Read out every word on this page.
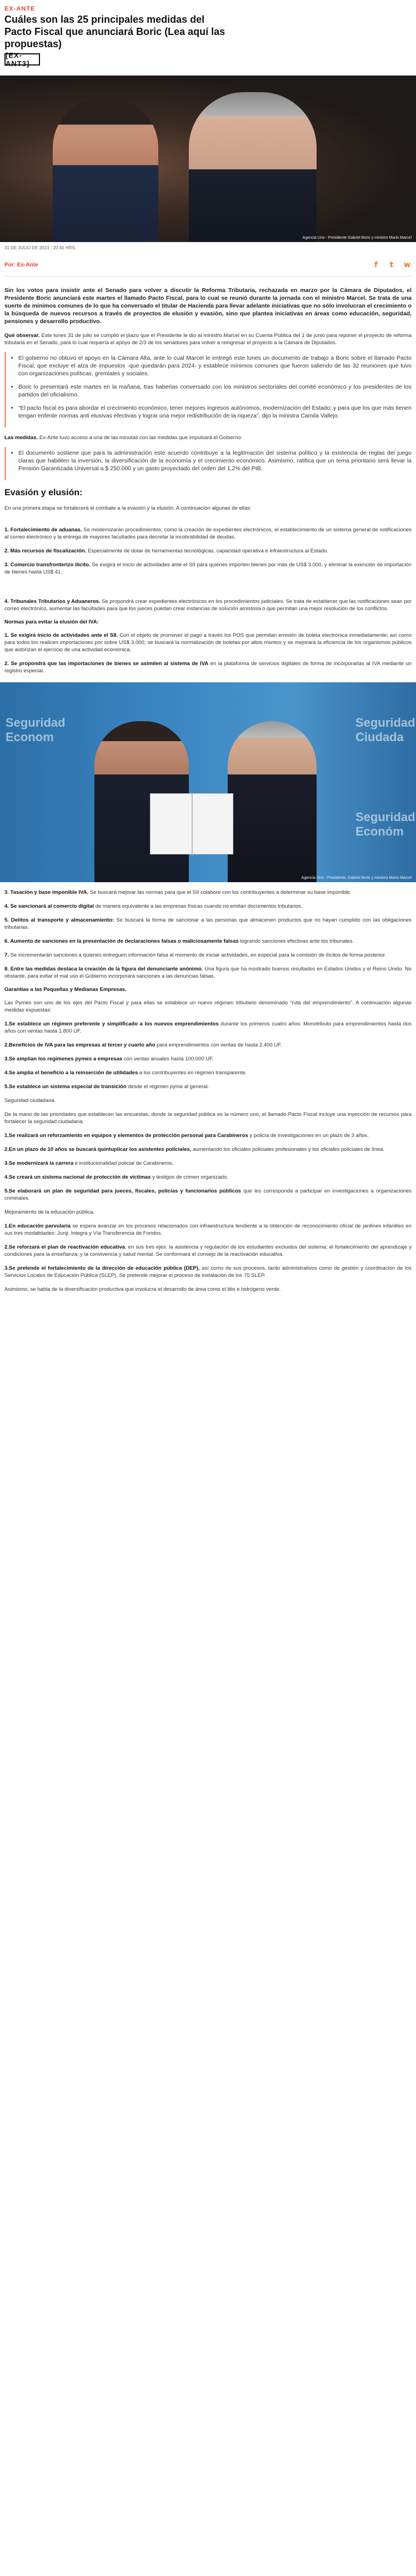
EX-ANTE
Cuáles son las 25 principales medidas del Pacto Fiscal que anunciará Boric (Lea aquí las propuestas)
[EX-ANT3]
Agencia Uno - Presidente Gabriel Boric y ministro Mario Marcel
31 DE JULIO DE 2023 - 20:45 HRS.
Por: Ex-Ante	f	t	w

Sin los votos para insistir ante el Senado para volver a discutir la Reforma Tributaria, rechazada en marzo por la Cámara de Diputados, el Presidente Boric anunciará este martes el llamado Pacto Fiscal, para lo cual se reunió durante la jornada con el ministro Marcel. Se trata de una suerte de mínimos comunes de lo que ha conversado el titular de Hacienda para llevar adelante iniciativas que no sólo involucran el crecimiento o la búsqueda de nuevos recursos a través de proyectos de elusión y evasión, sino que plantea iniciativas en áreas como educación, seguridad, pensiones y desarrollo productivo.

Qué observar. Este lunes 31 de julio se cumplió el plazo que el Presidente le dio al ministro Marcel en su Cuenta Pública del 1 de junio para reponer el proyecto de reforma tributaria en el Senado, para lo cual requería el apoyo de 2/3 de los senadores para volver a reingresar el proyecto a la Cámara de Diputados.

• El gobierno no obtuvo el apoyo en la Cámara Alta, ante lo cual Marcel le entregó este lunes un documento de trabajo a Boric sobre el llamado Pacto Fiscal, que excluye el alza de impuestos -que quedarán para 2024- y establece mínimos comunes que fueron saliendo de las 32 reuniones que tuvo con organizaciones políticas, gremiales y sociales.
• Boric lo presentará este martes en la mañana, tras haberlas conversado con los ministros sectoriales del comité económico y los presidentes de los partidos del oficialismo.
• “El pacto fiscal es para abordar el crecimiento económico, tener mejores ingresos autónomos, modernización del Estado; y para que los que más tienen tengan enfente normas anti elusivas efectivas y lograr una mejor redistribución de la riqueza”, dijo la ministra Camila Vallejo.

Las medidas. Ex-Ante tuvo acceso a una de las minutas con las medidas que impulsará el Gobierno:

• El documento sostiene que para la administración este acuerdo contribuye a la legitimación del sistema político y la existencia de reglas del juego claras que habiliten la inversión, la diversificación de la economía y el crecimiento económico. Asimismo, ratifica que un tema prioritario será llevar la Pensión Garantizada Universal a $ 250.000 y un gasto proyectado del orden del 1,2% del PIB.
Evasión y elusión:

En una primera etapa se fortalecerá el combate a la evasión y la elusión. A continuación algunas de ellas:

1. Fortalecimiento de aduanas. Se modernizarán procedimientos, como la creación de expedientes electrónicos, el establecimiento de un sistema general de notificaciones al correo electrónico y la entrega de mayores facultades para decretar la incobrabilidad de deudas.

2. Más recursos de fiscalización. Especialmente de dotar de herramientas tecnológicas, capacidad operativa e infraestructura al Estado.

3. Comercio transfronterizo ilícito. Se exigirá el inicio de actividades ante el SII para quienes importen bienes por más de US$ 3.000, y eliminar la exención de importación de bienes hasta US$ 41.

4. Tribunales Tributarios y Aduaneros. Se propondrá crear expedientes electrónicos en los procedimientos judiciales. Se trata de establecer que las notificaciones sean por correo electrónico, aumentar las facultades para que los jueces puedan crear instancias de solución amistosa o que permitan una mejor resolución de los conflictos.

Normas para evitar la elusión del IVA:

1. Se exigirá inicio de actividades ante el SII. Con el objeto de promover el pago a través los POS que permitan emisión de boleta electrónica inmediatamente; así como para todos los realicen importaciones por sobre US$ 3,000; se buscará la normalización de boletas por altos montos y se mejorará la eficiencia de los organismos públicos que autorizan el ejercicio de una actividad económica.

2. Se propondrá que las importaciones de bienes se asimilen al sistema de IVA en la plataforma de servicios digitales de forma de incorporarlas al IVA mediante un registro especial.

Seguridad
Econom
Seguridad
Ciudada
Seguridad
Económ
Agencia Uno - Presidente, Gabriel Boric y ministro Mario Marcel

3. Tasación y base imponible IVA. Se buscará mejorar las normas para que el SII colabore con los contribuyentes a determinar su base imponible.

4. Se sancionará al comercio digital de manera equivalente a las empresas físicas cuando no emitan documentos tributarios.

5. Delitos al transporte y almacenamiento: Se buscará la forma de sancionar a las personas que almacenen productos que no hayan cumplido con las obligaciones tributarias.

6. Aumento de sanciones en la presentación de declaraciones falsas o maliciosamente falsas logrando sanciones efectivas ante los tribunales.

7. Se incrementarán sanciones a quienes entreguen información falsa al momento de iniciar actividades, en especial para la comisión de ilícitos de forma posterior.

8. Entre las medidas destaca la creación de la figura del denunciante anónimo. Una figura que ha mostrado buenos resultados en Estados Unidos y el Reino Unido. No obstante, para evitar el mal uso el Gobierno incorporará sanciones a las denuncias falsas.

Garantías a las Pequeñas y Medianas Empresas.

Las Pymes son uno de los ejes del Pacto Fiscal y para ellas se establece un nuevo régimen tributario denominado “ruta del emprendimiento”. A continuación algunas medidas expuestas:

1.Se establece un régimen preferente y simplificado a los nuevos emprendimientos durante los primeros cuatro años: Monotributo para emprendimientos hasta dos años con ventas hasta 1.800 UF.

2.Beneficios de IVA para las empresas al tercer y cuarto año para emprendimientos con ventas de hasta 2.400 UF.

3.Se amplían los regímenes pymes a empresas con ventas anuales hasta 100.000 UF.

4.Se amplía el beneficio a la reinserción de utilidades a los contribuyentes en régimen transparente.

5.Se establece un sistema especial de transición desde el régimen pyme al general.

Seguridad ciudadana.

De la mano de las prioridades que establecen las encuestas, donde la seguridad pública es la número uno, el llamado Pacto Fiscal incluye una inyección de recursos para fortalecer la seguridad ciudadana.

1.Se realizará un reforzamiento en equipos y elementos de protección personal para Carabineros y policía de investigaciones en un plazo de 3 años.

2.En un plazo de 10 años se buscará quintuplicar los asistentes policiales, aumentando los oficiales policiales profesionales y los oficiales policiales de línea.

3.Se modernizará la carrera e institucionalidad policial de Carabineros.

4.Se creará un sistema nacional de protección de víctimas y testigos de crimen organizado.

5.Se elaborará un plan de seguridad para jueces, fiscales, policías y funcionarios públicos que les corresponda a participar en investigaciones a organizaciones criminales.

Mejoramiento de la educación pública.

1.En educación parvularia se espera avanzar en los procesos relacionados con infraestructura tendiente a la obtención de reconocimiento oficial de jardines infantiles en sus tres modalidades: Junji, Integra y Vía Transferencia de Fondos.

2.Se reforzará el plan de reactivación educativa, en sus tres ejes: la asistencia y regulación de los estudiantes excluidos del sistema; el fortalecimiento del aprendizaje y condiciones para la enseñanza; y la convivencia y salud mental. Se conformará el consejo de la reactivación educativa.

3.Se pretende el fortalecimiento de la dirección de educación pública (DEP), así como de sus procesos, tanto administrativos como de gestión y coordinación de los Servicios Locales de Educación Pública (SLEP). Se pretende mejorar el proceso de instalación de los 70 SLEP.

Asimismo, se habla de la diversificación productiva que involucra el desarrollo de área como el litio e hidrógeno verde.
